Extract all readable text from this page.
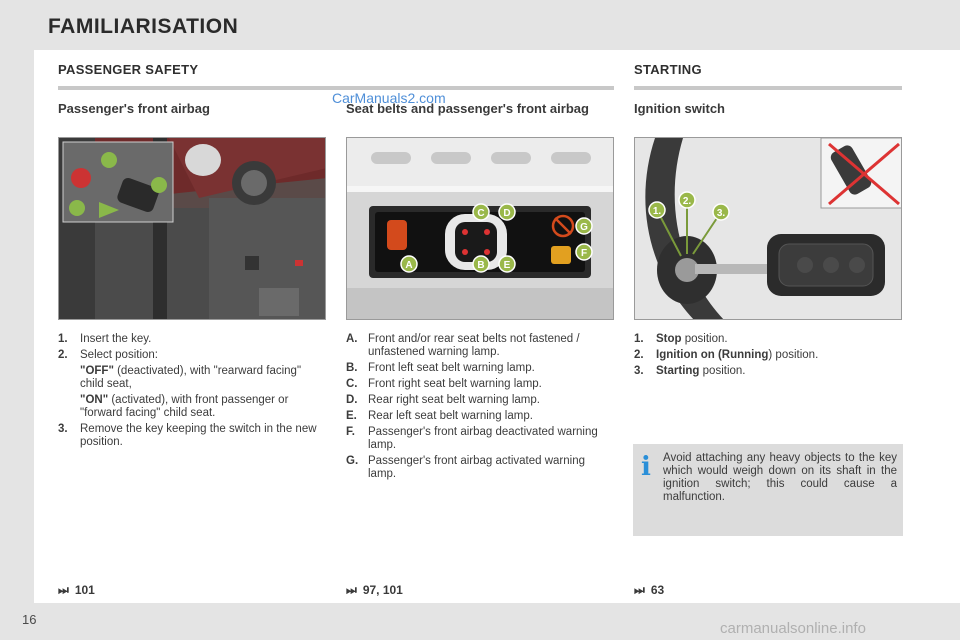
FAMILIARISATION
PASSENGER SAFETY
Passenger's front airbag
1.	Insert the key.
2.	Select position:
"OFF" (deactivated), with "rearward facing" child seat,
"ON" (activated), with front passenger or "forward facing" child seat.
3.	Remove the key keeping the switch in the new position.
⏭ 101
CarManuals2.com
Seat belts and passenger's front airbag
A	B
C D
E
F
G
A. Front and/or rear seat belts not fastened / unfastened warning lamp.
B. Front left seat belt warning lamp.
C. Front right seat belt warning lamp.
D. Rear right seat belt warning lamp.
E. Rear left seat belt warning lamp.
F.	Passenger's front airbag deactivated warning lamp.
G. Passenger's front airbag activated warning lamp.
⏭ 97, 101
STARTING
Ignition switch
1.
2.
3.
1.	Stop position.
2.	Ignition on (Running) position.
3.	Starting position.
i Avoid attaching any heavy objects to the key which would weigh down on its shaft in the ignition switch; this could cause a malfunction.
⏭ 63
16
carmanualsonline.info
